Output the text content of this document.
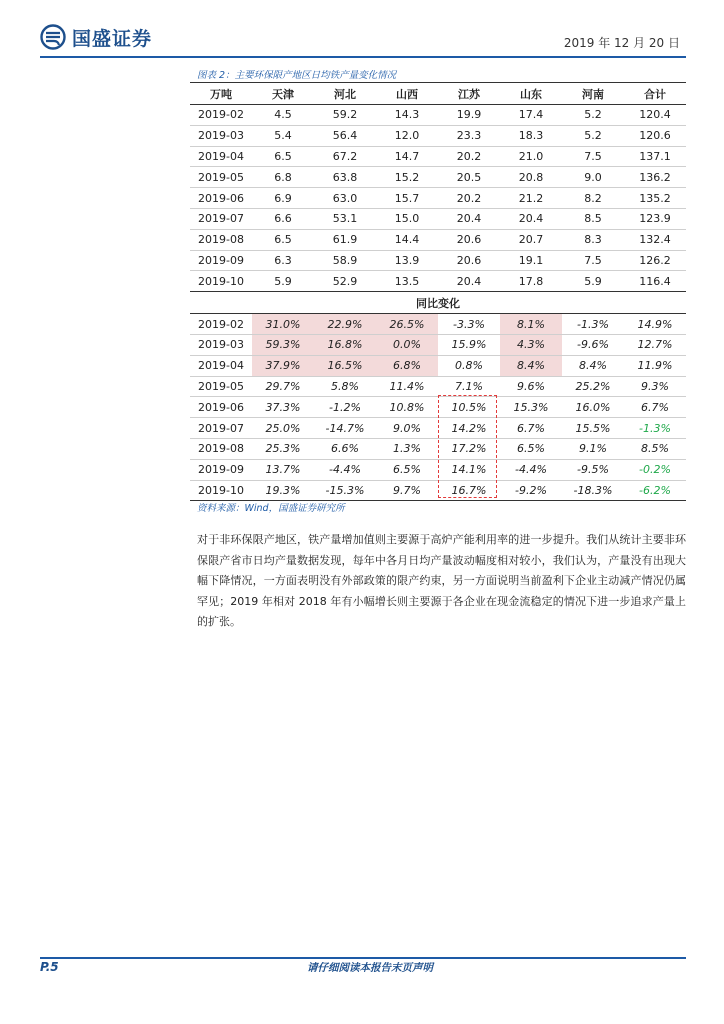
国盛证券	2019 年 12 月 20 日
图表 2：主要环保限产地区日均铁产量变化情况
万吨	天津	河北	山西	江苏	山东	河南	合计
2019-02	4.5	59.2	14.3	19.9	17.4	5.2	120.4
2019-03	5.4	56.4	12.0	23.3	18.3	5.2	120.6
2019-04	6.5	67.2	14.7	20.2	21.0	7.5	137.1
2019-05	6.8	63.8	15.2	20.5	20.8	9.0	136.2
2019-06	6.9	63.0	15.7	20.2	21.2	8.2	135.2
2019-07	6.6	53.1	15.0	20.4	20.4	8.5	123.9
2019-08	6.5	61.9	14.4	20.6	20.7	8.3	132.4
2019-09	6.3	58.9	13.9	20.6	19.1	7.5	126.2
2019-10	5.9	52.9	13.5	20.4	17.8	5.9	116.4
同比变化							
2019-02	31.0%	22.9%	26.5%	-3.3%	8.1%	-1.3%	14.9%
2019-03	59.3%	16.8%	0.0%	15.9%	4.3%	-9.6%	12.7%
2019-04	37.9%	16.5%	6.8%	0.8%	8.4%	8.4%	11.9%
2019-05	29.7%	5.8%	11.4%	7.1%	9.6%	25.2%	9.3%
2019-06	37.3%	-1.2%	10.8%	10.5%	15.3%	16.0%	6.7%
2019-07	25.0%	-14.7%	9.0%	14.2%	6.7%	15.5%	-1.3%
2019-08	25.3%	6.6%	1.3%	17.2%	6.5%	9.1%	8.5%
2019-09	13.7%	-4.4%	6.5%	14.1%	-4.4%	-9.5%	-0.2%
2019-10	19.3%	-15.3%	9.7%	16.7%	-9.2%	-18.3%	-6.2%
资料来源：Wind，国盛证券研究所

对于非环保限产地区，铁产量增加值则主要源于高炉产能利用率的进一步提升。我们从统计主要非环保限产省市日均产量数据发现，每年中各月日均产量波动幅度相对较小，我们认为，产量没有出现大幅下降情况，一方面表明没有外部政策的限产约束，另一方面说明当前盈利下企业主动减产情况仍属罕见；2019 年相对 2018 年有小幅增长则主要源于各企业在现金流稳定的情况下进一步追求产量上的扩张。

P.5	请仔细阅读本报告末页声明
